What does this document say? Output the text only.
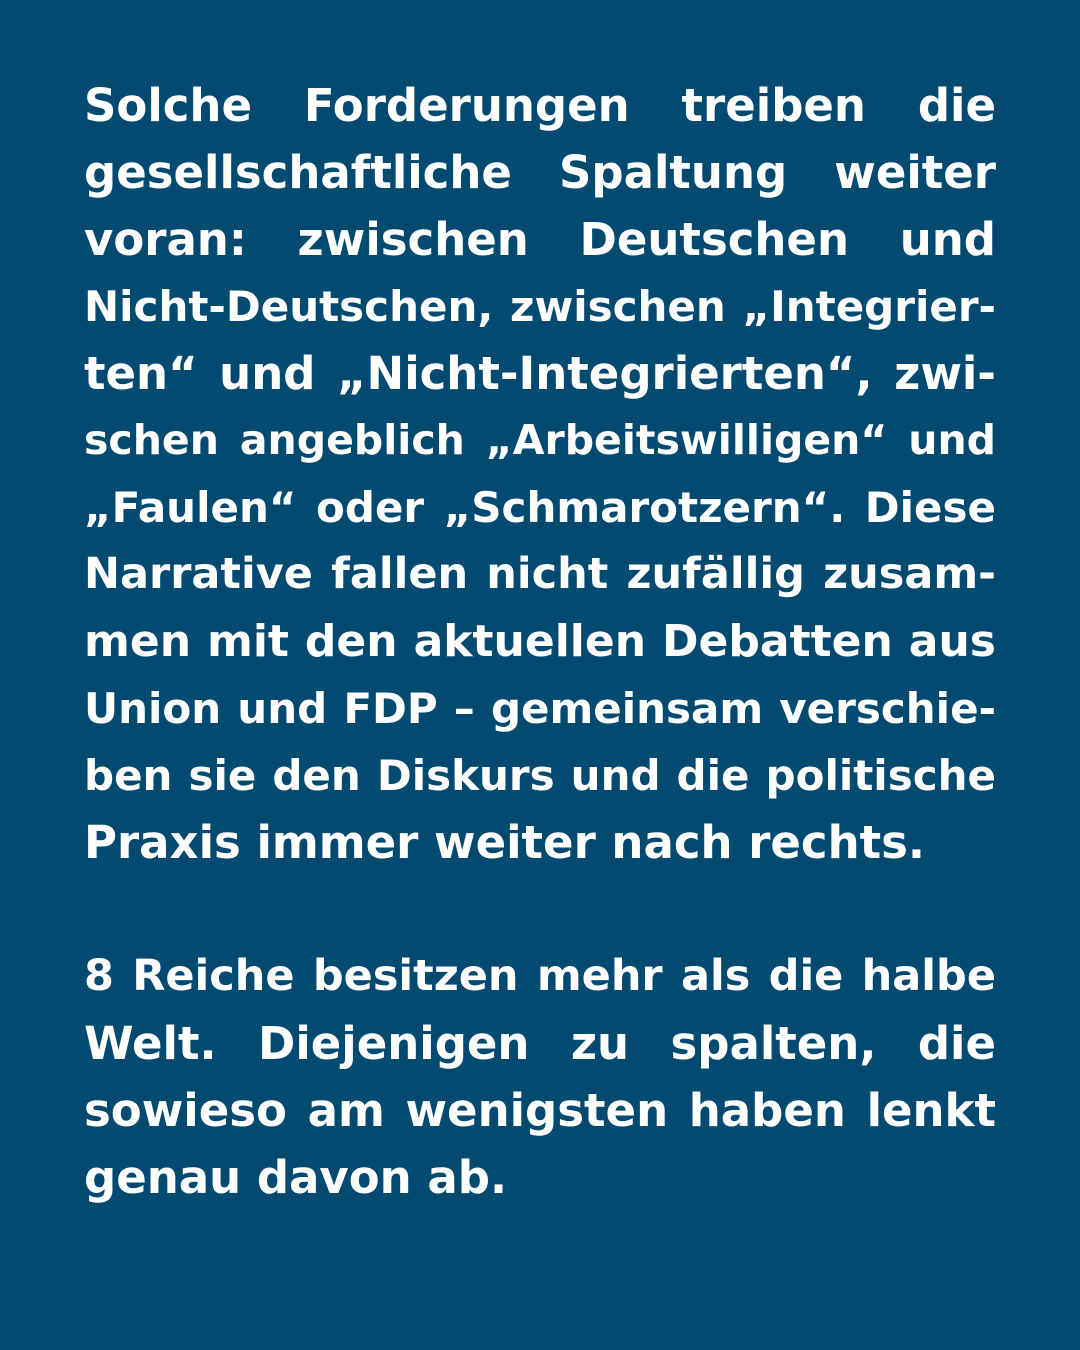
Solche Forderungen treiben die
gesellschaftliche Spaltung weiter
voran: zwischen Deutschen und
Nicht-Deutschen, zwischen „Integrier-
ten“ und „Nicht-Integrierten“, zwi-
schen angeblich „Arbeitswilligen“ und
„Faulen“ oder „Schmarotzern“. Diese
Narrative fallen nicht zufällig zusam-
men mit den aktuellen Debatten aus
Union und FDP – gemeinsam verschie-
ben sie den Diskurs und die politische
Praxis immer weiter nach rechts.
8 Reiche besitzen mehr als die halbe
Welt. Diejenigen zu spalten, die
sowieso am wenigsten haben lenkt
genau davon ab.
